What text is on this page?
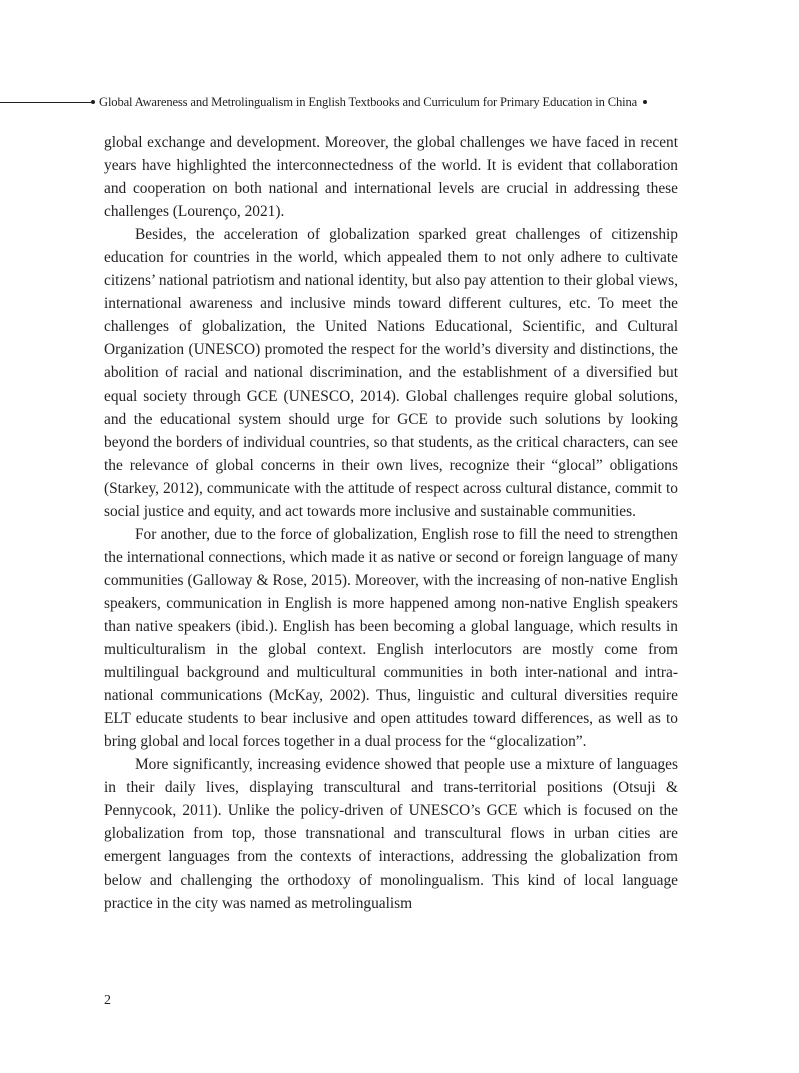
Global Awareness and Metrolingualism in English Textbooks and Curriculum for Primary Education in China

global exchange and development. Moreover, the global challenges we have faced in recent years have highlighted the interconnectedness of the world. It is evident that collaboration and cooperation on both national and international levels are crucial in addressing these challenges (Lourenço, 2021).

Besides, the acceleration of globalization sparked great challenges of citizenship education for countries in the world, which appealed them to not only adhere to cultivate citizens’ national patriotism and national identity, but also pay attention to their global views, international awareness and inclusive minds toward different cultures, etc. To meet the challenges of globalization, the United Nations Educational, Scientific, and Cultural Organization (UNESCO) promoted the respect for the world’s diversity and distinctions, the abolition of racial and national discrimination, and the establishment of a diversified but equal society through GCE (UNESCO, 2014). Global challenges require global solutions, and the educational system should urge for GCE to provide such solutions by looking beyond the borders of individual countries, so that students, as the critical characters, can see the relevance of global concerns in their own lives, recognize their “glocal” obligations (Starkey, 2012), communicate with the attitude of respect across cultural distance, commit to social justice and equity, and act towards more inclusive and sustainable communities.

For another, due to the force of globalization, English rose to fill the need to strengthen the international connections, which made it as native or second or foreign language of many communities (Galloway & Rose, 2015). Moreover, with the increasing of non-native English speakers, communication in English is more happened among non-native English speakers than native speakers (ibid.). English has been becoming a global language, which results in multiculturalism in the global context. English interlocutors are mostly come from multilingual background and multicultural communities in both inter-national and intra-national communications (McKay, 2002). Thus, linguistic and cultural diversities require ELT educate students to bear inclusive and open attitudes toward differences, as well as to bring global and local forces together in a dual process for the “glocalization”.

More significantly, increasing evidence showed that people use a mixture of languages in their daily lives, displaying transcultural and trans-territorial positions (Otsuji & Pennycook, 2011). Unlike the policy-driven of UNESCO’s GCE which is focused on the globalization from top, those transnational and transcultural flows in urban cities are emergent languages from the contexts of interactions, addressing the globalization from below and challenging the orthodoxy of monolingualism. This kind of local language practice in the city was named as metrolingualism

2
